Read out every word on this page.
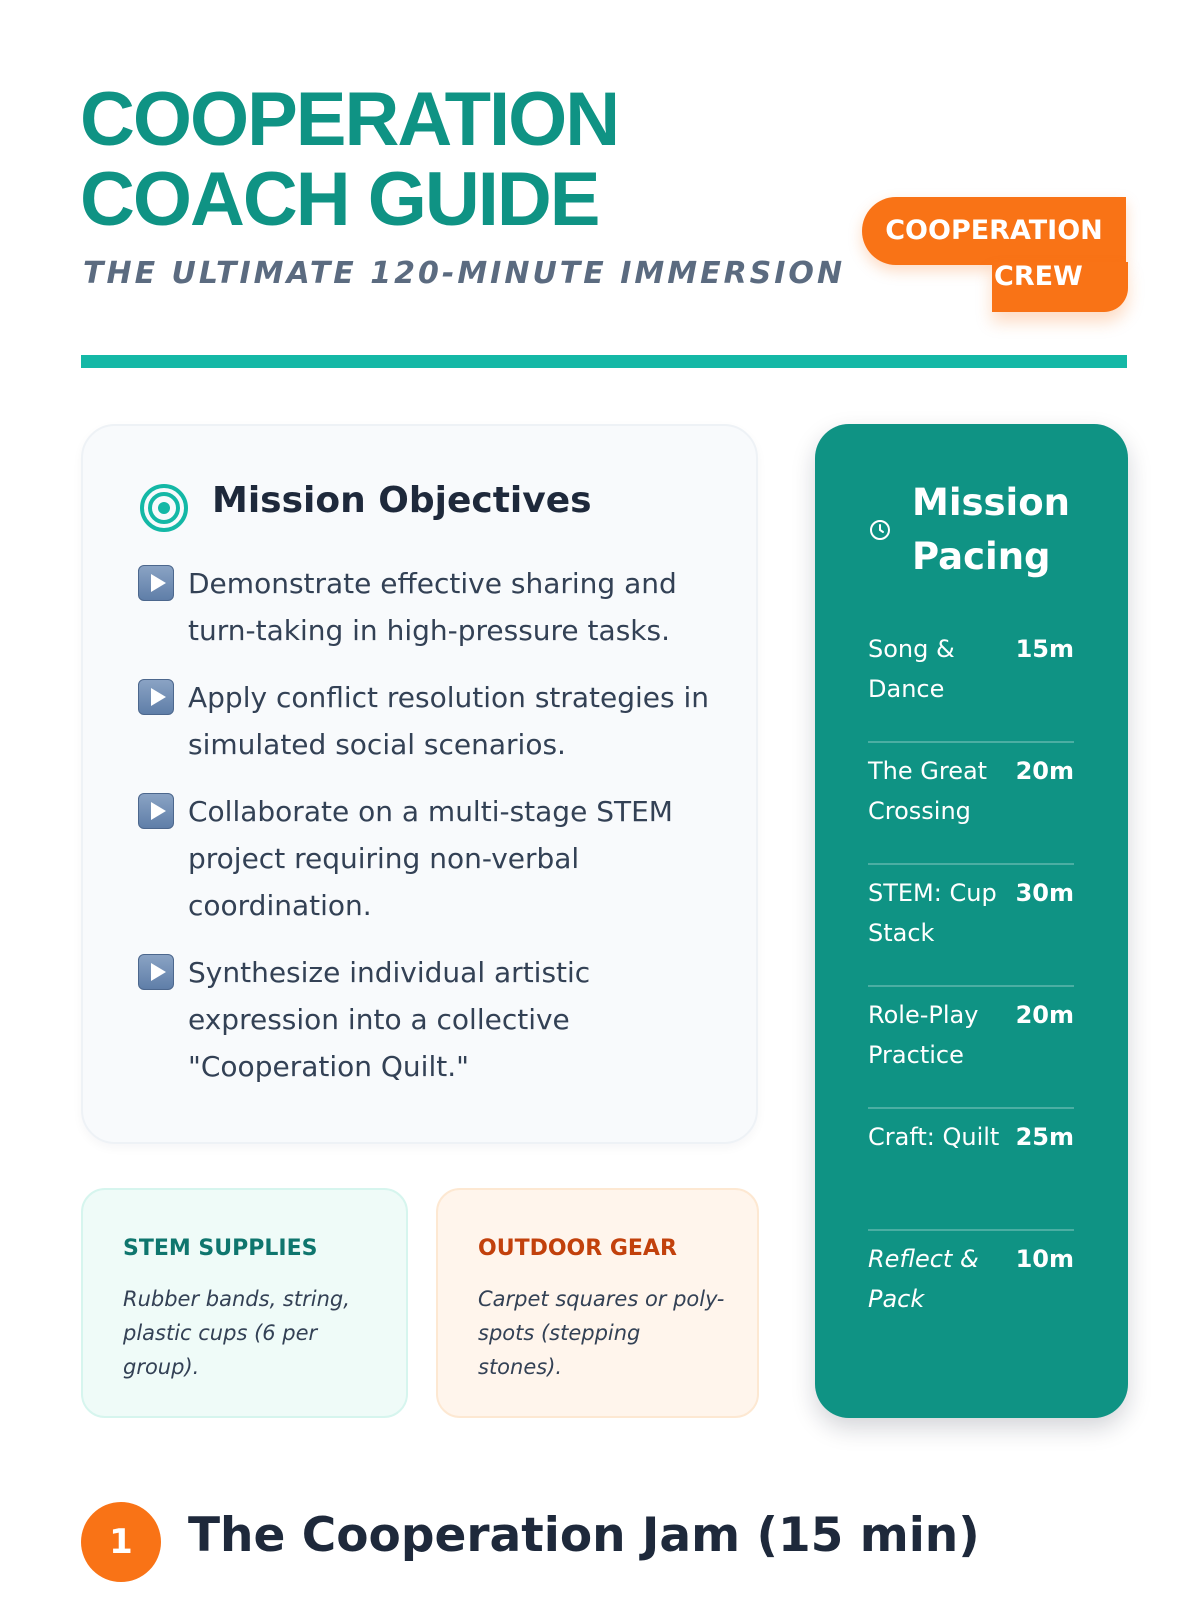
COOPERATION
COACH GUIDE
THE ULTIMATE 120-MINUTE IMMERSION
COOPERATION
CREW
Mission Objectives
Demonstrate effective sharing and turn-taking in high-pressure tasks.
Apply conflict resolution strategies in simulated social scenarios.
Collaborate on a multi-stage STEM project requiring non-verbal coordination.
Synthesize individual artistic expression into a collective "Cooperation Quilt."
STEM SUPPLIES
Rubber bands, string, plastic cups (6 per group).
OUTDOOR GEAR
Carpet squares or poly-spots (stepping stones).
Mission Pacing
Song & Dance
15m
The Great Crossing
20m
STEM: Cup Stack
30m
Role-Play Practice
20m
Craft: Quilt 25m
Reflect & Pack
10m
1	The Cooperation Jam (15 min)
